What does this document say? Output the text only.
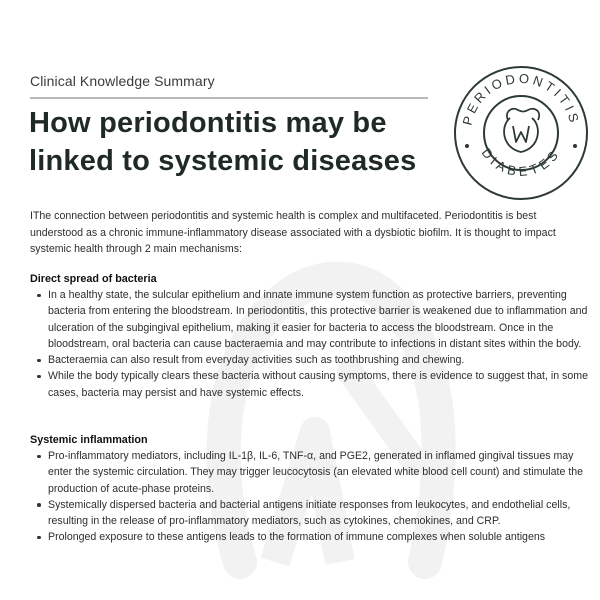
Clinical Knowledge Summary
How periodontitis may be linked to systemic diseases
PERIODONTITIS
DIABETES

IThe connection between periodontitis and systemic health is complex and multifaceted. Periodontitis is best understood as a chronic immune-inflammatory disease associated with a dysbiotic biofilm. It is thought to impact systemic health through 2 main mechanisms:

Direct spread of bacteria
In a healthy state, the sulcular epithelium and innate immune system function as protective barriers, preventing bacteria from entering the bloodstream. In periodontitis, this protective barrier is weakened due to inflammation and ulceration of the subgingival epithelium, making it easier for bacteria to access the bloodstream. Once in the bloodstream, oral bacteria can cause bacteraemia and may contribute to infections in distant sites within the body.
Bacteraemia can also result from everyday activities such as toothbrushing and chewing.
While the body typically clears these bacteria without causing symptoms, there is evidence to suggest that, in some cases, bacteria may persist and have systemic effects.
Systemic inflammation
Pro-inflammatory mediators, including IL-1β, IL-6, TNF-α, and PGE2, generated in inflamed gingival tissues may enter the systemic circulation. They may trigger leucocytosis (an elevated white blood cell count) and stimulate the production of acute-phase proteins.
Systemically dispersed bacteria and bacterial antigens initiate responses from leukocytes, and endothelial cells, resulting in the release of pro-inflammatory mediators, such as cytokines, chemokines, and CRP.
Prolonged exposure to these antigens leads to the formation of immune complexes when soluble antigens
